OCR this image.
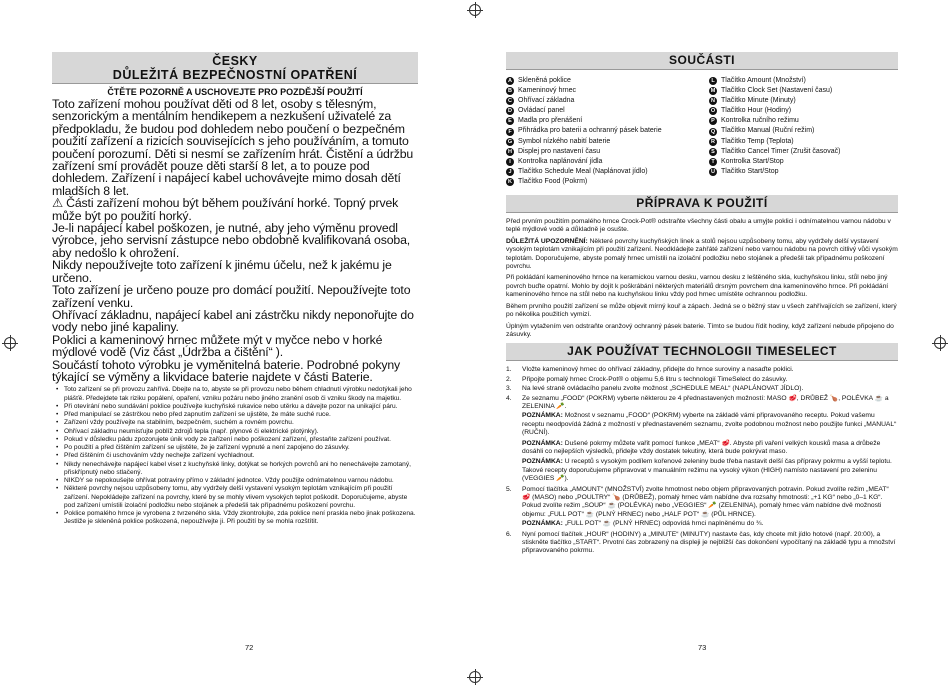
ČESKY
DŮLEŽITÁ BEZPEČNOSTNÍ OPATŘENÍ
ČTĚTE POZORNĚ A USCHOVEJTE PRO POZDĚJŠÍ POUŽITÍ

Toto zařízení mohou používat děti od 8 let, osoby s tělesným, senzorickým a mentálním hendikepem a nezkušení uživatelé za předpokladu, že budou pod dohledem nebo poučení o bezpečném použití zařízení a rizicích souvisejících s jeho používáním, a tomuto poučení porozumí. Děti si nesmí se zařízením hrát. Čistění a údržbu zařízení smí provádět pouze děti starší 8 let, a to pouze pod dohledem. Zařízení i napájecí kabel uchovávejte mimo dosah dětí mladších 8 let.

⚠ Části zařízení mohou být během používání horké. Topný prvek může být po použití horký.

Je-li napájecí kabel poškozen, je nutné, aby jeho výměnu provedl výrobce, jeho servisní zástupce nebo obdobně kvalifikovaná osoba, aby nedošlo k ohrožení.

Nikdy nepoužívejte toto zařízení k jinému účelu, než k jakému je určeno.

Toto zařízení je určeno pouze pro domácí použití. Nepoužívejte toto zařízení venku.

Ohřívací základnu, napájecí kabel ani zástrčku nikdy neponořujte do vody nebo jiné kapaliny.

Poklici a kameninový hrnec můžete mýt v myčce nebo v horké mýdlové vodě (Viz část „Údržba a čištění“ ).

Součástí tohoto výrobku je vyměnitelná baterie. Podrobné pokyny týkající se výměny a likvidace baterie najdete v části Baterie.

• Toto zařízení se při provozu zahřívá. Dbejte na to, abyste se při provozu nebo během chladnutí výrobku nedotýkali jeho plášťě. Předejdete tak riziku popálení, opaření, vzniku požáru nebo jiného zranění osob či vzniku škody na majetku.
• Při otevírání nebo sundávání poklice používejte kuchyňské rukavice nebo utěrku a dávejte pozor na unikající páru.
• Před manipulací se zástrčkou nebo před zapnutím zařízení se ujistěte, že máte suché ruce.
• Zařízení vždy používejte na stabilním, bezpečném, suchém a rovném povrchu.
• Ohřívací základnu neumisťujte poblíž zdrojů tepla (např. plynové či elektrické plotýnky).
• Pokud v důsledku pádu zpozorujete únik vody ze zařízení nebo poškození zařízení, přestaňte zařízení používat.
• Po použití a před čištěním zařízení se ujistěte, že je zařízení vypnuté a není zapojeno do zásuvky.
• Před čištěním či uschováním vždy nechejte zařízení vychladnout.
• Nikdy nenechávejte napájecí kabel viset z kuchyňské linky, dotýkat se horkých povrchů ani ho nenechávejte zamotaný, přiskřípnutý nebo stlačený.
• NIKDY se nepokoušejte ohřívat potraviny přímo v základní jednotce. Vždy použijte odnímatelnou varnou nádobu.
• Některé povrchy nejsou uzpůsobeny tomu, aby vydržely delší vystavení vysokým teplotám vznikajícím při použití zařízení. Nepokládejte zařízení na povrchy, které by se mohly vlivem vysokých teplot poškodit. Doporučujeme, abyste pod zařízení umístili izolační podložku nebo stojánek a předešli tak případnému poškození povrchu.
• Poklice pomalého hrnce je vyrobena z tvrzeného skla. Vždy zkontrolujte, zda poklice není praskla nebo jinak poškozena. Jestliže je skleněná poklice poškozená, nepoužívejte ji. Při použití by se mohla rozštítit.
72
SOUČÁSTI
A Skleněná poklice
B Kameninový hrnec
C Ohřívací základna
D Ovládací panel
E Madla pro přenášení
F Přihrádka pro baterii a ochranný pásek baterie
G Symbol nízkého nabití baterie
H Displej pro nastavení času
I	Kontrolka naplánování jídla
J Tlačítko Schedule Meal (Naplánovat jídlo)
K Tlačítko Food (Pokrm)
L Tlačítko Amount (Množství)
M Tlačítko Clock Set (Nastavení času)
N Tlačítko Minute (Minuty)
O Tlačítko Hour (Hodiny)
P Kontrolka ručního režimu
Q Tlačítko Manual (Ruční režim)
R Tlačítko Temp (Teplota)
S Tlačítko Cancel Timer (Zrušit časovač)
T Kontrolka Start/Stop
U Tlačítko Start/Stop
PŘÍPRAVA K POUŽITÍ

Před prvním použitím pomalého hrnce Crock-Pot® odstraňte všechny části obalu a umyjte poklici i odnímatelnou varnou nádobu v teplé mýdlové vodě a důkladně je osušte.

DŮLEŽITÁ UPOZORNĚNÍ: Některé povrchy kuchyňských linek a stolů nejsou uzpůsobeny tomu, aby vydržely delší vystavení vysokým teplotám vznikajícím při použití zařízení. Neodkládejte zahřáté zařízení nebo varnou nádobu na povrch citlivý vůči vysokým teplotám. Doporučujeme, abyste pomalý hrnec umístili na izolační podložku nebo stojánek a předešli tak případnému poškození povrchu.

Při pokládání kameninového hrnce na keramickou varnou desku, varnou desku z leštěného skla, kuchyňskou linku, stůl nebo jiný povrch buďte opatrní. Mohlo by dojít k poškrábání některých materiálů drsným povrchem dna kameninového hrnce. Při pokládání kameninového hrnce na stůl nebo na kuchyňskou linku vždy pod hrnec umístěte ochrannou podložku.

Během prvního použití zařízení se může objevit mírný kouř a zápach. Jedná se o běžný stav u všech zahřívajících se zařízení, který po několika použitích vymizí.

Úplným vytažením ven odstraňte oranžový ochranný pásek baterie. Tímto se budou řídit hodiny, když zařízení nebude připojeno do zásuvky.

JAK POUŽÍVAT TECHNOLOGII TIMESELECT
1.	Vložte kameninový hrnec do ohřívací základny, přidejte do hrnce suroviny a nasaďte poklici.
2.	Připojte pomalý hrnec Crock-Pot® o objemu 5,6 litru s technologií TimeSelect do zásuvky.
3.	Na levé straně ovládacího panelu zvolte možnost „SCHEDULE MEAL“ (NAPLÁNOVAT JÍDLO).
4.	Ze seznamu „FOOD“ (POKRM) vyberte některou ze 4 přednastavených možností: MASO 🥩, DRŮBEŽ 🍗, POLÉVKA ☕ a ZELENINA 🥕.
POZNÁMKA: Možnost v seznamu „FOOD“ (POKRM) vyberte na základě vámi připravovaného receptu. Pokud vašemu receptu neodpovídá žádná z možností v přednastaveném seznamu, zvolte podobnou možnost nebo použijte funkci „MANUAL“ (RUČNÍ).
POZNÁMKA: Dušené pokrmy můžete vařit pomocí funkce „MEAT“ 🥩. Abyste při vaření velkých kousků masa a drůbeže dosáhli co nejlepších výsledků, přidejte vždy dostatek tekutiny, která bude pokrývat maso.
POZNÁMKA: U receptů s vysokým podílem kořenové zeleniny bude třeba nastavit delší čas přípravy pokrmu a vyšší teplotu. Takové recepty doporučujeme připravovat v manuálním režimu na vysoký výkon (HIGH) namísto nastavení pro zeleninu (VEGGIES 🥕).
5.	Pomocí tlačítka „AMOUNT“ (MNOŽSTVÍ) zvolte hmotnost nebo objem připravovaných potravin. Pokud zvolíte režim „MEAT“ 🥩 (MASO) nebo „POULTRY“ 🍗 (DRŮBEŽ), pomalý hrnec vám nabídne dva rozsahy hmotnosti: „+1 KG“ nebo „0–1 KG“. Pokud zvolíte režim „SOUP“ ☕ (POLÉVKA) nebo „VEGGIES“ 🥕 (ZELENINA), pomalý hrnec vám nabídne dvě možnosti objemu: „FULL POT“ ☕ (PLNÝ HRNEC) nebo „HALF POT“ ☕ (PŮL HRNCE).
POZNÁMKA: „FULL POT“ ☕ (PLNÝ HRNEC) odpovídá hrnci naplněnému do ¾.
6.	Nyní pomocí tlačítek „HOUR“ (HODINY) a „MINUTE“ (MINUTY) nastavte čas, kdy chcete mít jídlo hotové (např. 20:00), a stiskněte tlačítko „START“. Prvotní čas zobrazený na displeji je nejbližší čas dokončení vypočítaný na základě typu a množství připravovaného pokrmu.
73
